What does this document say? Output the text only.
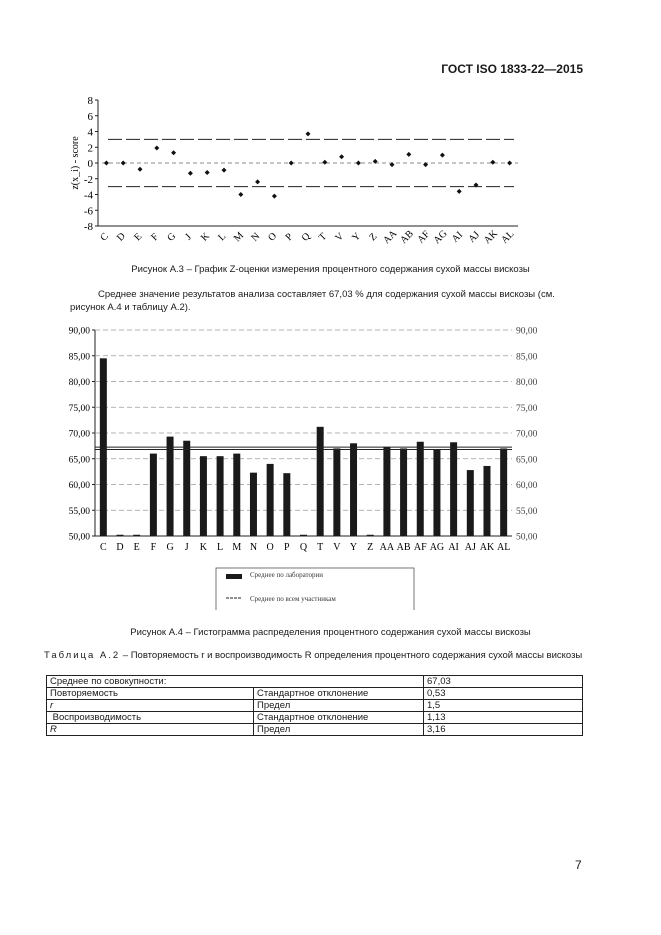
ГОСТ ISO 1833-22—2015
8
6
4
2
0
-2
-4
-6
-8
C D E F G J K L M N O P Q T V Y Z AA
AB AF AG AI AJ AK AL
z(x_i) - score
Рисунок А.3 – График Z-оценки измерения процентного содержания сухой массы вискозы
Среднее значение результатов анализа составляет 67,03 % для содержания сухой массы вискозы (см. рисунок А.4 и таблицу А.2).
90,00	90,00
85,00	85,00
80,00	80,00
75,00	75,00
70,00	70,00
65,00	65,00
60,00	60,00
55,00	55,00
50,00	50,00
C D E F G J K L M N O P Q T V Y Z AA AB AF AG AI AJ AK AL
Среднее по лаборатории
Среднее по всем участникам
Рисунок А.4 – Гистограмма распределения процентного содержания сухой массы вискозы
Таблица А.2 – Повторяемость r и воспроизводимость R определения процентного содержания сухой массы вискозы
Среднее по совокупности:		67,03
Повторяемость	Стандартное отклонение	0,53
r	Предел	1,5
Воспроизводимость	Стандартное отклонение	1,13
R	Предел	3,16
7
